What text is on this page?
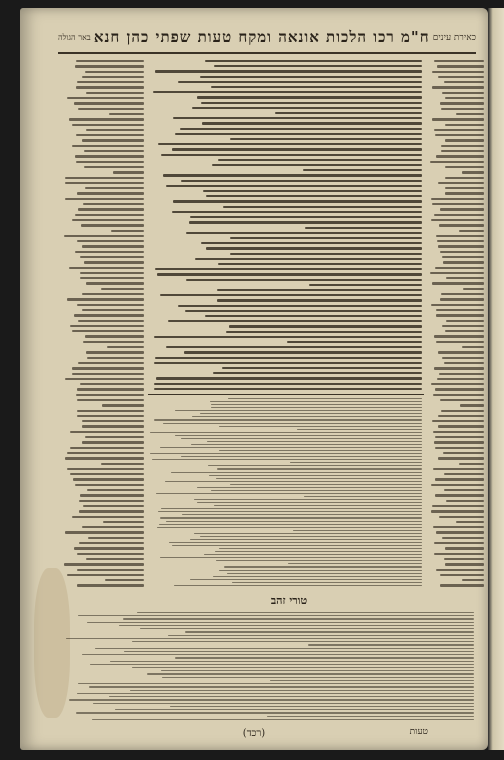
כאירת עינים
ח"מ רכו הלכות אונאה ומקח טעות שפתי כהן חנא
באר הגולה
טורי זהב
(רכד)	טעות
